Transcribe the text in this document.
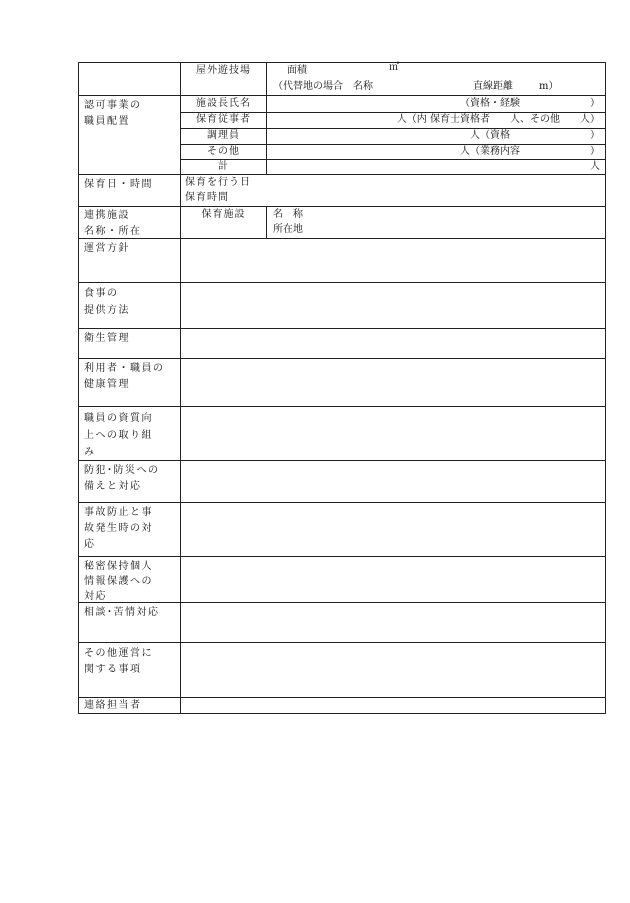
屋外遊技場	面積	㎡
（代替地の場合　名称	直線距離	m）
認可事業の
職員配置
施設長氏名	（資格・経験　　　　　　　）
保育従事者	人（内 保育士資格者　　人、その他　　人）
調理員	人（資格　　　　　　　　）
その他	人（業務内容　　　　　　　）
計	人
保育日・時間	保育を行う日
保育時間
連携施設
名称・所在
保育施設	名　称
所在地
運営方針
食事の
提供方法
衛生管理
利用者・職員の
健康管理
職員の資質向
上への取り組
み
防犯･防災への
備えと対応
事故防止と事
故発生時の対
応
秘密保持個人
情報保護への
対応
相談･苦情対応
その他運営に
関する事項
連絡担当者
